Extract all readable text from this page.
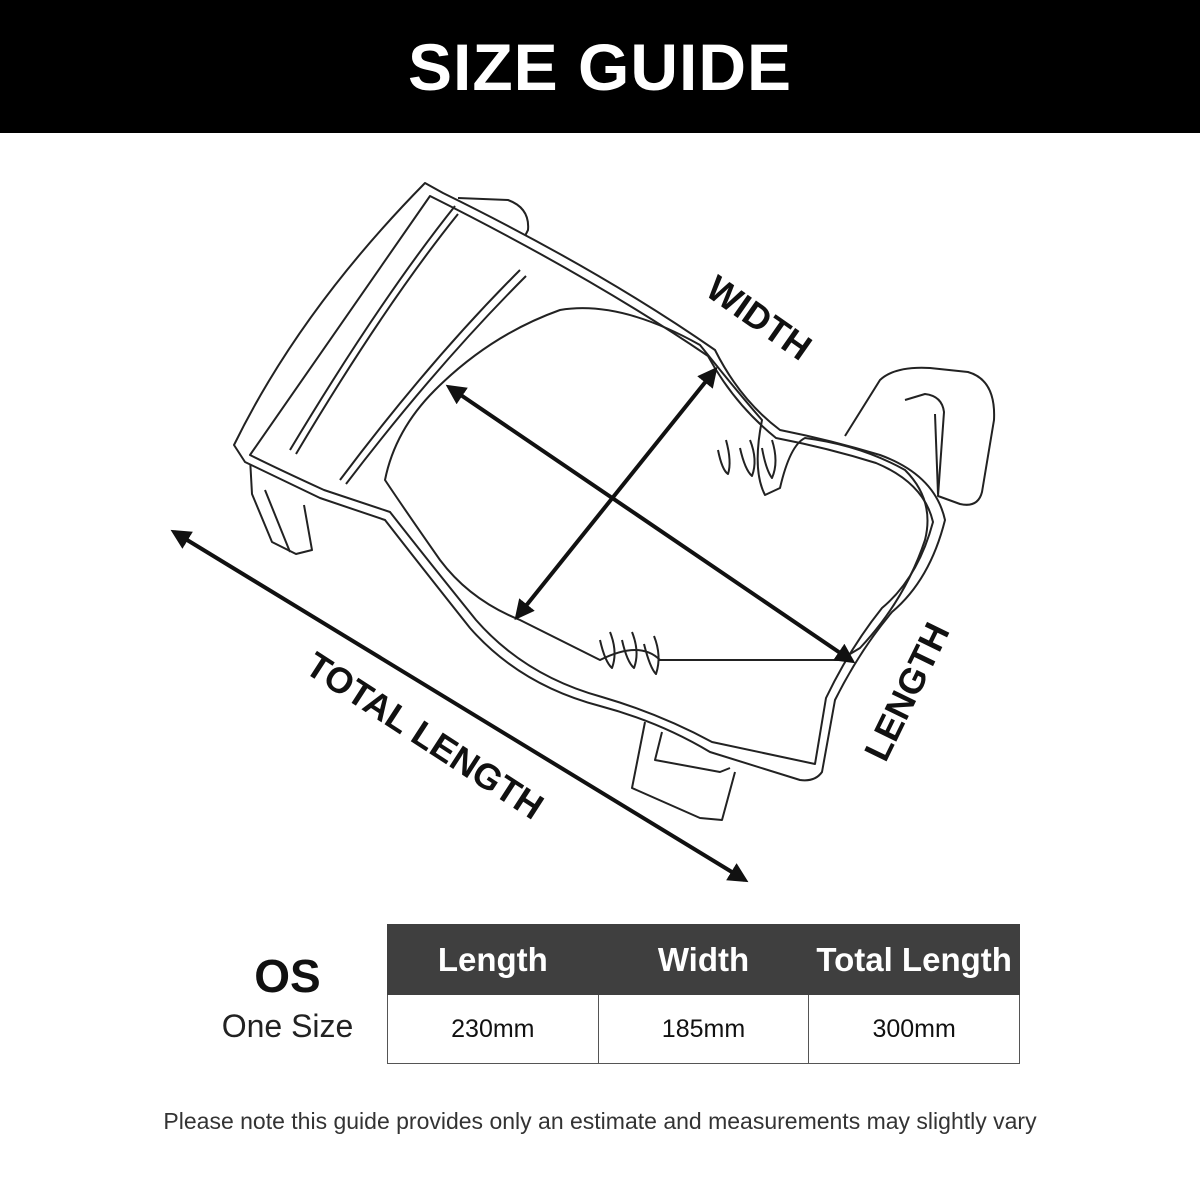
SIZE GUIDE
WIDTH
LENGTH
TOTAL LENGTH
OS
One Size
Length	Width	Total Length
230mm	185mm	300mm
Please note this guide provides only an estimate and measurements may slightly vary
